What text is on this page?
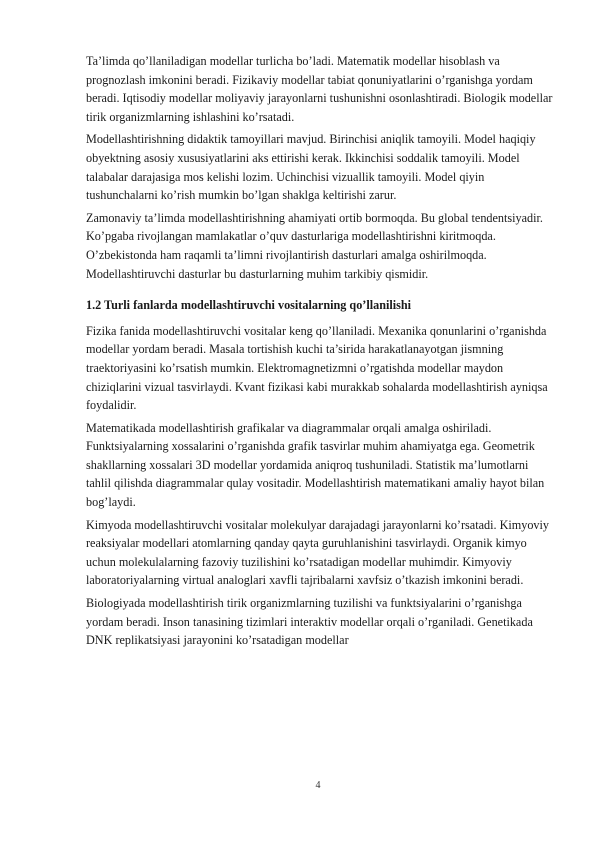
Ta’limda qo’llaniladigan modellar turlicha bo’ladi. Matematik modellar hisoblash va prognozlash imkonini beradi. Fizikaviy modellar tabiat qonuniyatlarini o’rganishga yordam beradi. Iqtisodiy modellar moliyaviy jarayonlarni tushunishni osonlashtiradi. Biologik modellar tirik organizmlarning ishlashini ko’rsatadi.

Modellashtirishning didaktik tamoyillari mavjud. Birinchisi aniqlik tamoyili. Model haqiqiy obyektning asosiy xususiyatlarini aks ettirishi kerak. Ikkinchisi soddalik tamoyili. Model talabalar darajasiga mos kelishi lozim. Uchinchisi vizuallik tamoyili. Model qiyin tushunchalarni ko’rish mumkin bo’lgan shaklga keltirishi zarur.

Zamonaviy ta’limda modellashtirishning ahamiyati ortib bormoqda. Bu global tendentsiyadir. Ko’pgaba rivojlangan mamlakatlar o’quv dasturlariga modellashtirishni kiritmoqda. O’zbekistonda ham raqamli ta’limni rivojlantirish dasturlari amalga oshirilmoqda. Modellashtiruvchi dasturlar bu dasturlarning muhim tarkibiy qismidir.

1.2 Turli fanlarda modellashtiruvchi vositalarning qo’llanilishi

Fizika fanida modellashtiruvchi vositalar keng qo’llaniladi. Mexanika qonunlarini o’rganishda modellar yordam beradi. Masala tortishish kuchi ta’sirida harakatlanayotgan jismning traektoriyasini ko’rsatish mumkin. Elektromagnetizmni o’rgatishda modellar maydon chiziqlarini vizual tasvirlaydi. Kvant fizikasi kabi murakkab sohalarda modellashtirish ayniqsa foydalidir.

Matematikada modellashtirish grafikalar va diagrammalar orqali amalga oshiriladi. Funktsiyalarning xossalarini o’rganishda grafik tasvirlar muhim ahamiyatga ega. Geometrik shakllarning xossalari 3D modellar yordamida aniqroq tushuniladi. Statistik ma’lumotlarni tahlil qilishda diagrammalar qulay vositadir. Modellashtirish matematikani amaliy hayot bilan bog’laydi.

Kimyoda modellashtiruvchi vositalar molekulyar darajadagi jarayonlarni ko’rsatadi. Kimyoviy reaksiyalar modellari atomlarning qanday qayta guruhlanishini tasvirlaydi. Organik kimyo uchun molekulalarning fazoviy tuzilishini ko’rsatadigan modellar muhimdir. Kimyoviy laboratoriyalarning virtual analoglari xavfli tajribalarni xavfsiz o’tkazish imkonini beradi.

Biologiyada modellashtirish tirik organizmlarning tuzilishi va funktsiyalarini o’rganishga yordam beradi. Inson tanasining tizimlari interaktiv modellar orqali o’rganiladi. Genetikada DNK replikatsiyasi jarayonini ko’rsatadigan modellar

4
